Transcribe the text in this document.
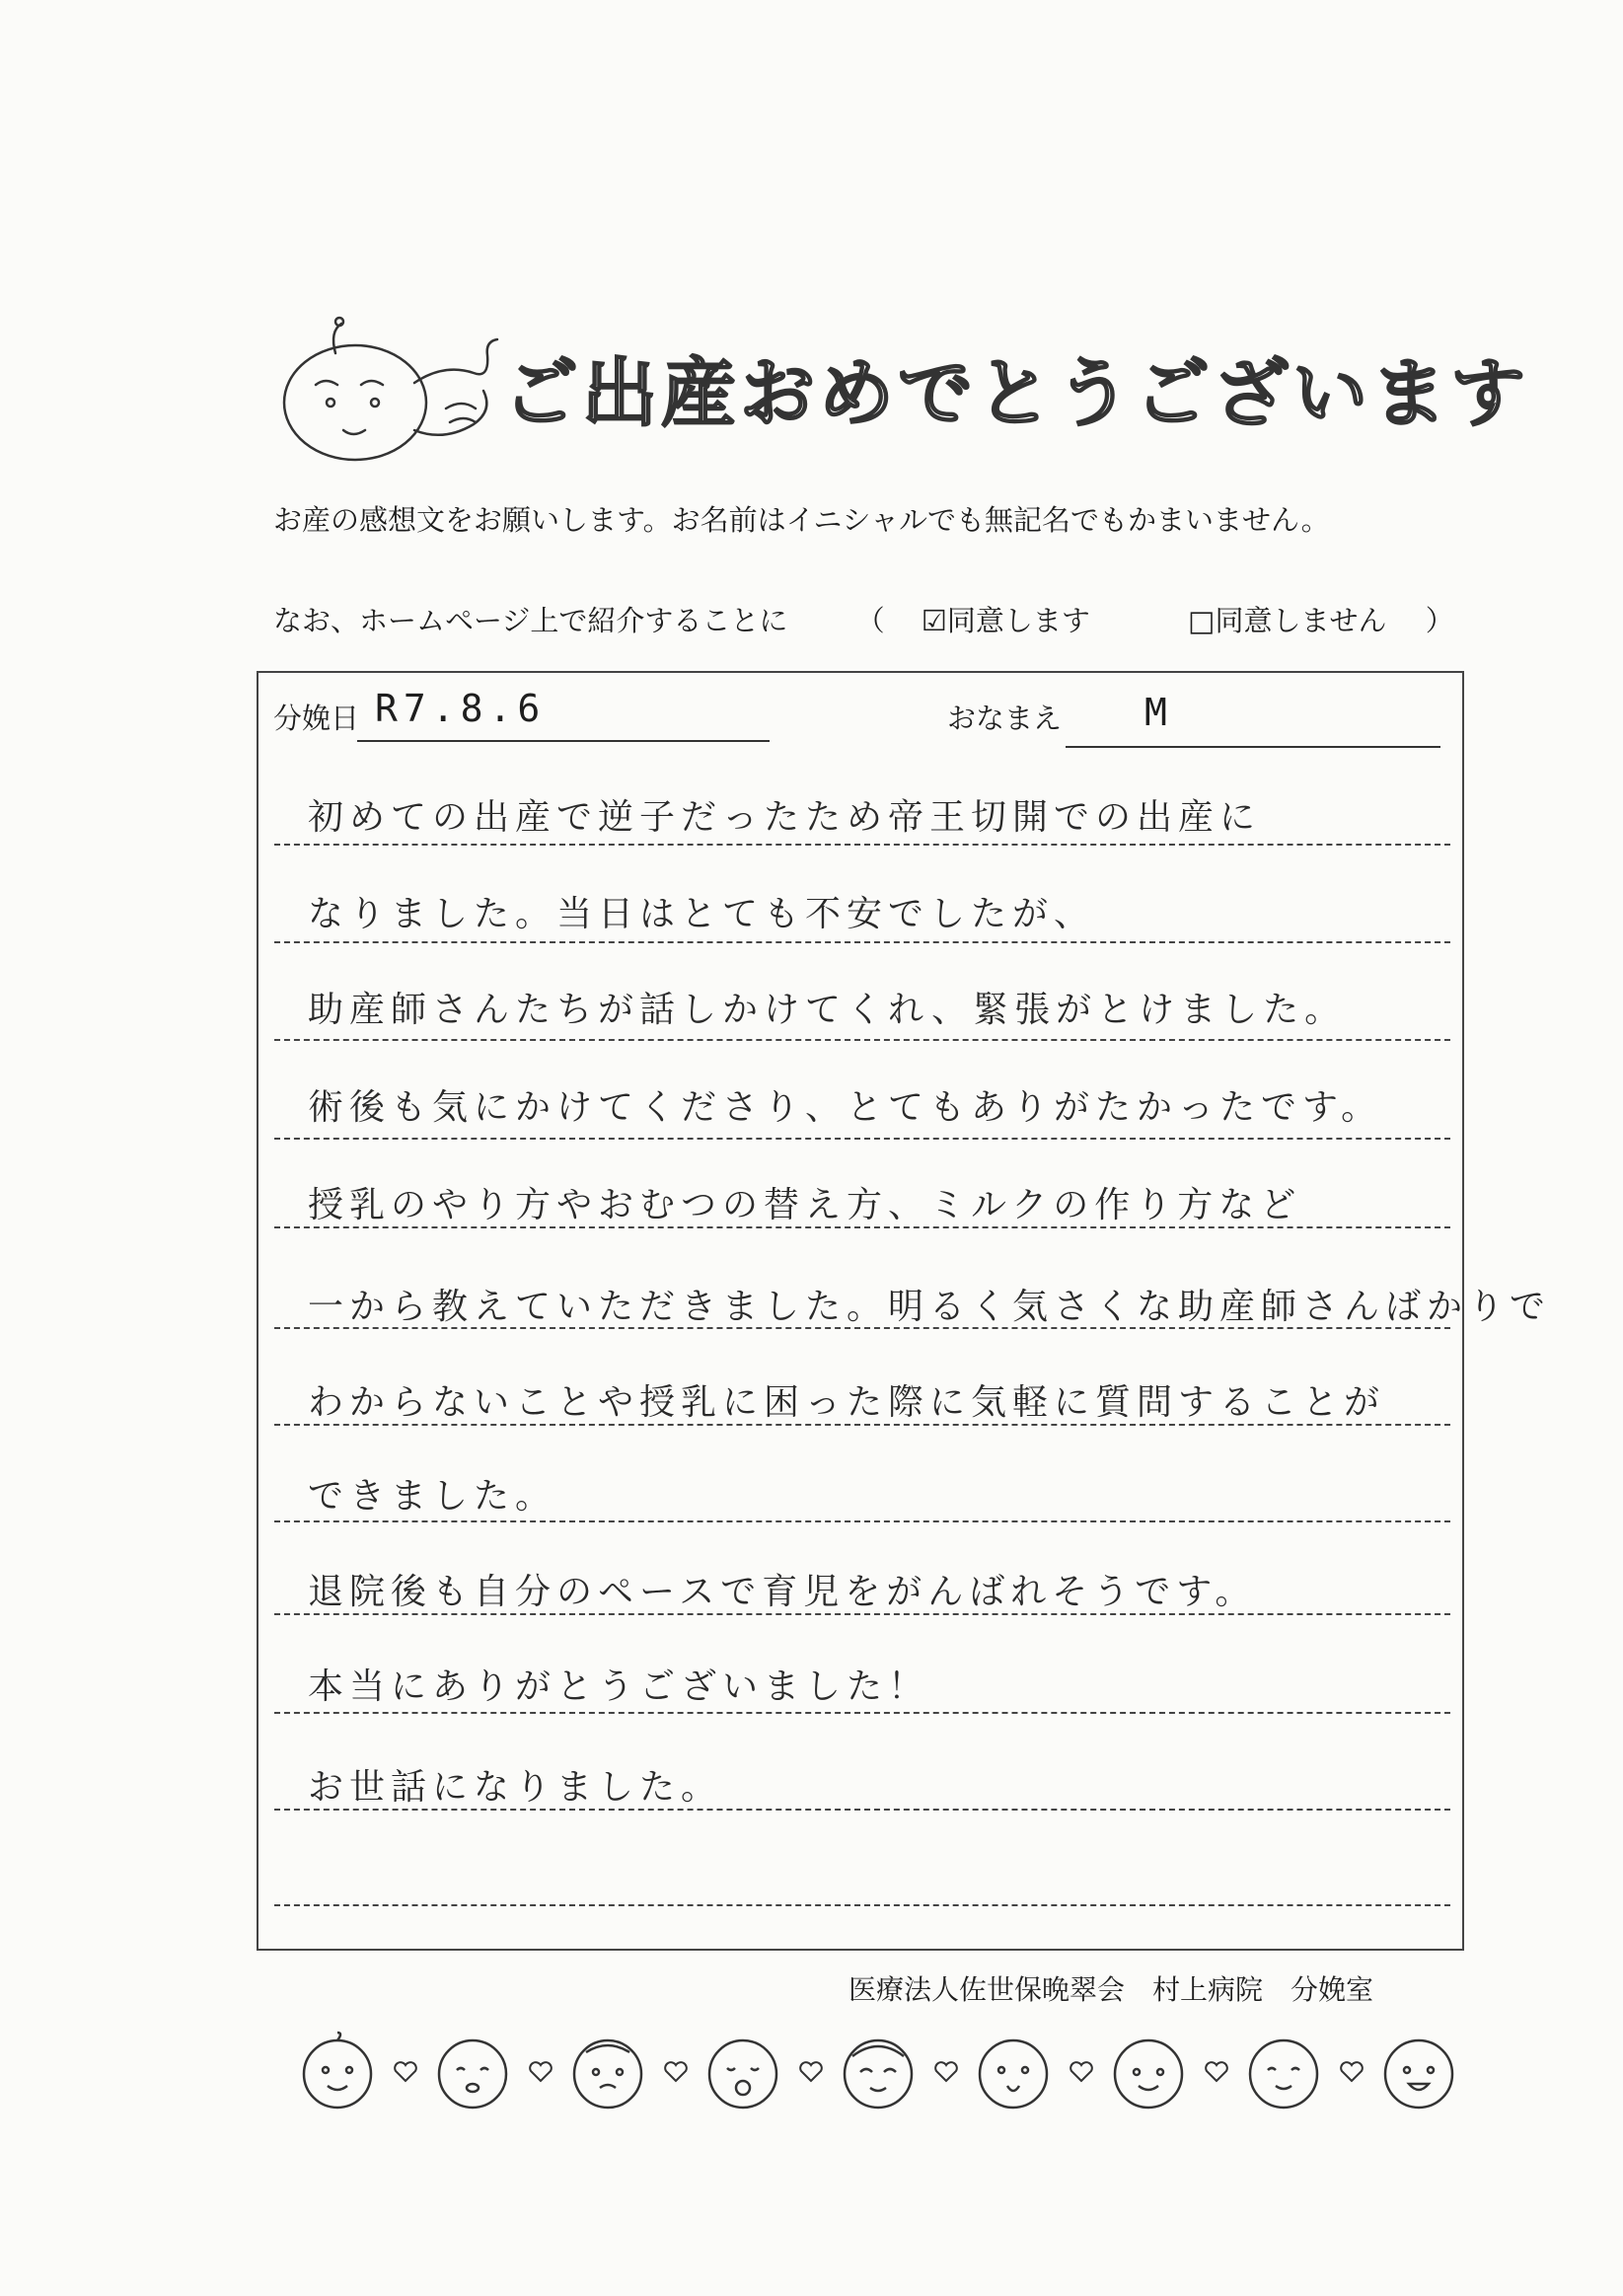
ご出産おめでとうございます
お産の感想文をお願いします。お名前はイニシャルでも無記名でもかまいません。
なお、ホームページ上で紹介することに （ ☑同意します	□同意しません ）
分娩日 R7.8.6	おなまえ M
初めての出産で逆子だったため帝王切開での出産に
なりました。当日はとても不安でしたが、
助産師さんたちが話しかけてくれ、緊張がとけました。
術後も気にかけてくださり、とてもありがたかったです。
授乳のやり方やおむつの替え方、ミルクの作り方など
一から教えていただきました。明るく気さくな助産師さんばかりで
わからないことや授乳に困った際に気軽に質問することが
できました。
退院後も自分のペースで育児をがんばれそうです。
本当にありがとうございました！
お世話になりました。
医療法人佐世保晩翠会　村上病院　分娩室
